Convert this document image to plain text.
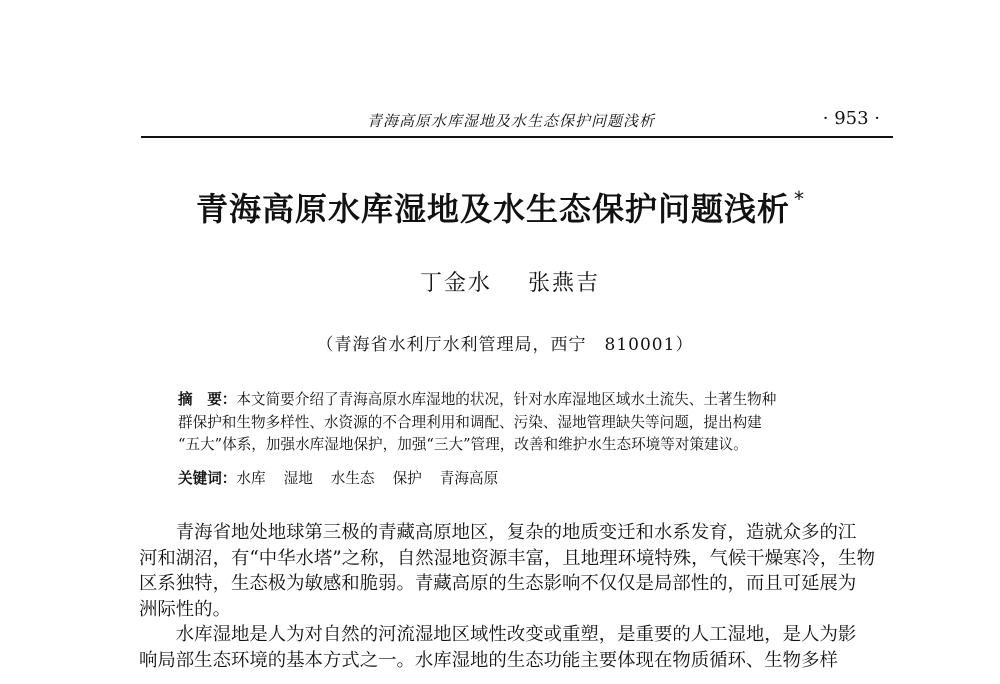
青海高原水库湿地及水生态保护问题浅析	· 953 ·
青海高原水库湿地及水生态保护问题浅析 *
丁金水 张燕吉
（青海省水利厅水利管理局，西宁　810001）
摘　要：本文简要介绍了青海高原水库湿地的状况，针对水库湿地区域水土流失、土著生物种
群保护和生物多样性、水资源的不合理利用和调配、污染、湿地管理缺失等问题，提出构建
“五大”体系，加强水库湿地保护，加强“三大”管理，改善和维护水生态环境等对策建议。
关键词：水库 湿地 水生态 保护 青海高原
　　青海省地处地球第三极的青藏高原地区，复杂的地质变迁和水系发育，造就众多的江
河和湖沼，有“中华水塔”之称，自然湿地资源丰富，且地理环境特殊，气候干燥寒冷，生物
区系独特，生态极为敏感和脆弱。青藏高原的生态影响不仅仅是局部性的，而且可延展为
洲际性的。
　　水库湿地是人为对自然的河流湿地区域性改变或重塑，是重要的人工湿地，是人为影
响局部生态环境的基本方式之一。水库湿地的生态功能主要体现在物质循环、生物多样
